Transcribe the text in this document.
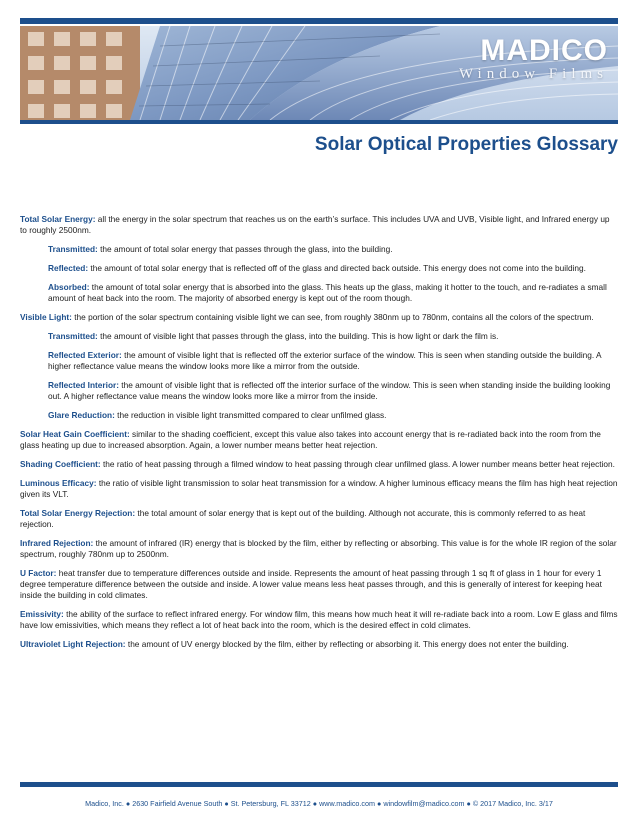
MADICO
Window Films
Solar Optical Properties Glossary
Total Solar Energy: all the energy in the solar spectrum that reaches us on the earth’s surface. This includes UVA and UVB, Visible light, and Infrared energy up to roughly 2500nm.
Transmitted: the amount of total solar energy that passes through the glass, into the building.
Reflected: the amount of total solar energy that is reflected off of the glass and directed back outside. This energy does not come into the building.
Absorbed: the amount of total solar energy that is absorbed into the glass. This heats up the glass, making it hotter to the touch, and re-radiates a small amount of heat back into the room. The majority of absorbed energy is kept out of the room though.
Visible Light: the portion of the solar spectrum containing visible light we can see, from roughly 380nm up to 780nm, contains all the colors of the spectrum.
Transmitted: the amount of visible light that passes through the glass, into the building. This is how light or dark the film is.
Reflected Exterior: the amount of visible light that is reflected off the exterior surface of the window. This is seen when standing outside the building. A higher reflectance value means the window looks more like a mirror from the outside.
Reflected Interior: the amount of visible light that is reflected off the interior surface of the window. This is seen when standing inside the building looking out. A higher reflectance value means the window looks more like a mirror from the inside.
Glare Reduction: the reduction in visible light transmitted compared to clear unfilmed glass.
Solar Heat Gain Coefficient: similar to the shading coefficient, except this value also takes into account energy that is re-radiated back into the room from the glass heating up due to increased absorption. Again, a lower number means better heat rejection.
Shading Coefficient: the ratio of heat passing through a filmed window to heat passing through clear unfilmed glass. A lower number means better heat rejection.
Luminous Efficacy: the ratio of visible light transmission to solar heat transmission for a window. A higher luminous efficacy means the film has high heat rejection given its VLT.
Total Solar Energy Rejection: the total amount of solar energy that is kept out of the building. Although not accurate, this is commonly referred to as heat rejection.
Infrared Rejection: the amount of infrared (IR) energy that is blocked by the film, either by reflecting or absorbing. This value is for the whole IR region of the solar spectrum, roughly 780nm up to 2500nm.
U Factor: heat transfer due to temperature differences outside and inside. Represents the amount of heat passing through 1 sq ft of glass in 1 hour for every 1 degree temperature difference between the outside and inside. A lower value means less heat passes through, and this is generally of interest for keeping heat inside the building in cold climates.
Emissivity: the ability of the surface to reflect infrared energy. For window film, this means how much heat it will re-radiate back into a room. Low E glass and films have low emissivities, which means they reflect a lot of heat back into the room, which is the desired effect in cold climates.
Ultraviolet Light Rejection: the amount of UV energy blocked by the film, either by reflecting or absorbing it. This energy does not enter the building.
Madico, Inc. ● 2630 Fairfield Avenue South ● St. Petersburg, FL 33712 ● www.madico.com ● windowfilm@madico.com ● © 2017 Madico, Inc. 3/17
